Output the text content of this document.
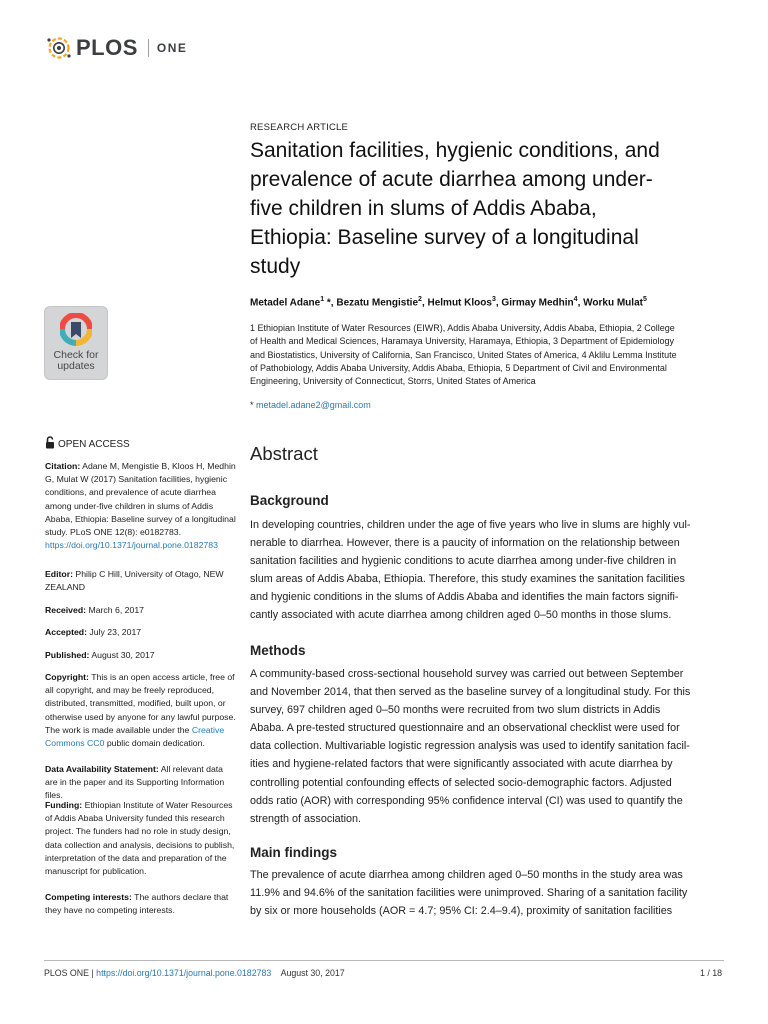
PLOS ONE
RESEARCH ARTICLE
Sanitation facilities, hygienic conditions, and
prevalence of acute diarrhea among under-
five children in slums of Addis Ababa,
Ethiopia: Baseline survey of a longitudinal
study
Metadel Adane$^1$ *, Bezatu Mengistie$^2$, Helmut Kloos$^3$, Girmay Medhin$^4$, Worku Mulat$^5$
1 Ethiopian Institute of Water Resources (EIWR), Addis Ababa University, Addis Ababa, Ethiopia, 2 College
of Health and Medical Sciences, Haramaya University, Haramaya, Ethiopia, 3 Department of Epidemiology
and Biostatistics, University of California, San Francisco, United States of America, 4 Aklilu Lemma Institute
of Pathobiology, Addis Ababa University, Addis Ababa, Ethiopia, 5 Department of Civil and Environmental
Engineering, University of Connecticut, Storrs, United States of America
* metadel.adane2@gmail.com
Abstract
Background
In developing countries, children under the age of five years who live in slums are highly vul-
nerable to diarrhea. However, there is a paucity of information on the relationship between
sanitation facilities and hygienic conditions to acute diarrhea among under-five children in
slum areas of Addis Ababa, Ethiopia. Therefore, this study examines the sanitation facilities
and hygienic conditions in the slums of Addis Ababa and identifies the main factors signifi-
cantly associated with acute diarrhea among children aged 0–50 months in those slums.
Methods
A community-based cross-sectional household survey was carried out between September
and November 2014, that then served as the baseline survey of a longitudinal study. For this
survey, 697 children aged 0–50 months were recruited from two slum districts in Addis
Ababa. A pre-tested structured questionnaire and an observational checklist were used for
data collection. Multivariable logistic regression analysis was used to identify sanitation facil-
ities and hygiene-related factors that were significantly associated with acute diarrhea by
controlling potential confounding effects of selected socio-demographic factors. Adjusted
odds ratio (AOR) with corresponding 95% confidence interval (CI) was used to quantify the
strength of association.
Main findings
The prevalence of acute diarrhea among children aged 0–50 months in the study area was
11.9% and 94.6% of the sanitation facilities were unimproved. Sharing of a sanitation facility
by six or more households (AOR = 4.7; 95% CI: 2.4–9.4), proximity of sanitation facilities
Check for
updates
OPEN ACCESS
Citation: Adane M, Mengistie B, Kloos H, Medhin G, Mulat W (2017) Sanitation facilities, hygienic conditions, and prevalence of acute diarrhea among under-five children in slums of Addis Ababa, Ethiopia: Baseline survey of a longitudinal study. PLoS ONE 12(8): e0182783. https://doi.org/10.1371/journal.pone.0182783
Editor: Philip C Hill, University of Otago, NEW ZEALAND
Received: March 6, 2017
Accepted: July 23, 2017
Published: August 30, 2017
Copyright: This is an open access article, free of all copyright, and may be freely reproduced, distributed, transmitted, modified, built upon, or otherwise used by anyone for any lawful purpose. The work is made available under the Creative Commons CC0 public domain dedication.
Data Availability Statement: All relevant data are in the paper and its Supporting Information files.
Funding: Ethiopian Institute of Water Resources of Addis Ababa University funded this research project. The funders had no role in study design, data collection and analysis, decisions to publish, interpretation of the data and preparation of the manuscript for publication.
Competing interests: The authors declare that they have no competing interests.
PLOS ONE | https://doi.org/10.1371/journal.pone.0182783 August 30, 2017	1 / 18
